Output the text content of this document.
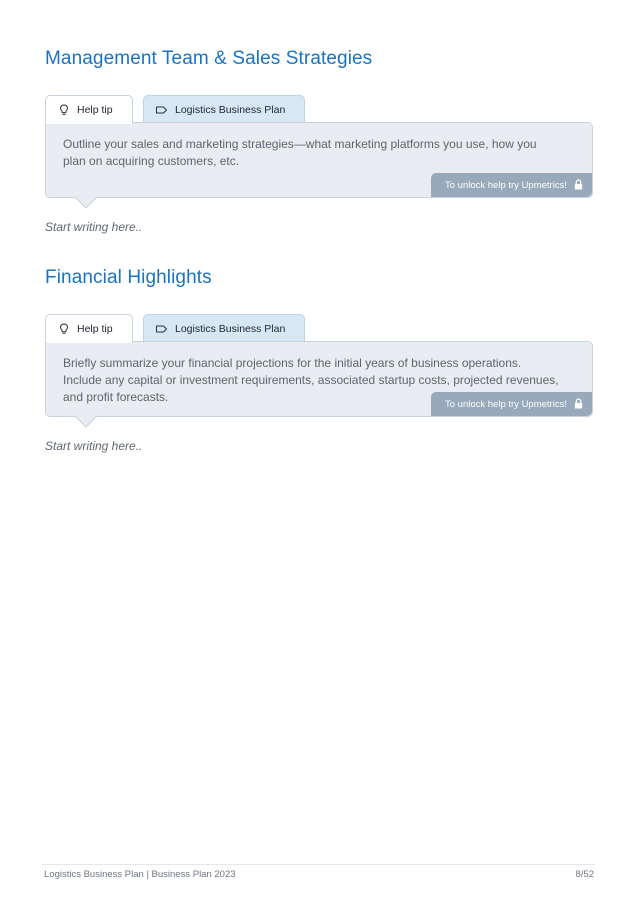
Management Team & Sales Strategies
Help tip	Logistics Business Plan

Outline your sales and marketing strategies—what marketing platforms you use, how you plan on acquiring customers, etc.

To unlock help try Upmetrics!

Start writing here..

Financial Highlights
Help tip	Logistics Business Plan

Briefly summarize your financial projections for the initial years of business operations. Include any capital or investment requirements, associated startup costs, projected revenues, and profit forecasts.	To unlock help try Upmetrics!

Start writing here..

Logistics Business Plan | Business Plan 2023	8/52
